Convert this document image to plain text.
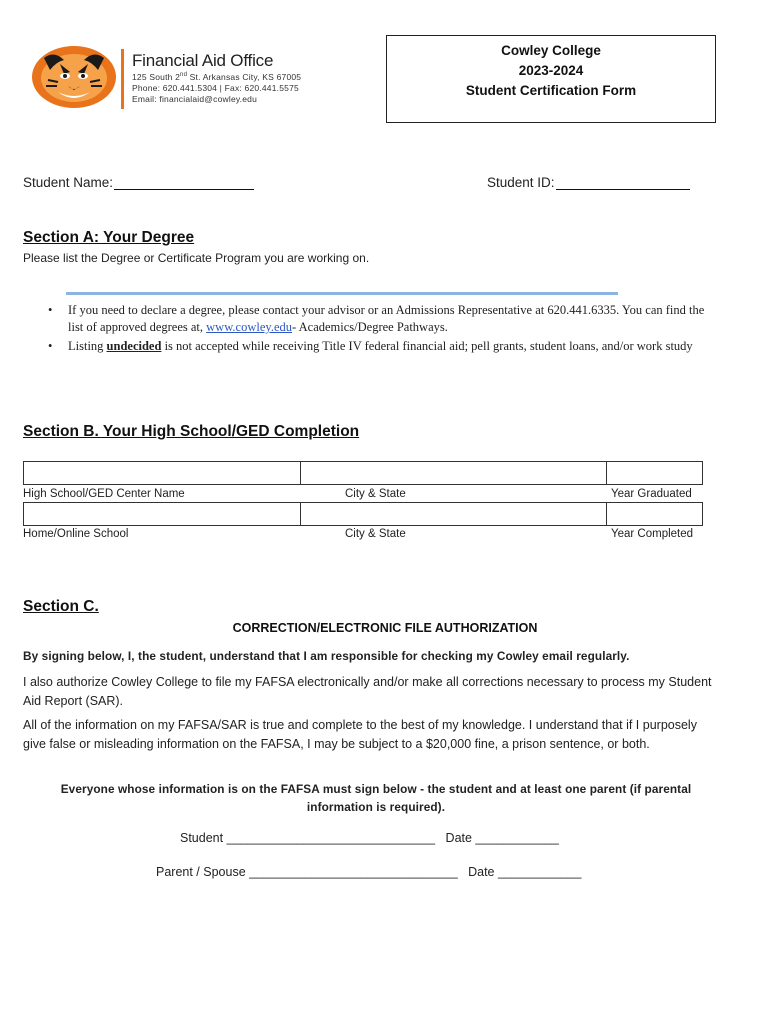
Financial Aid Office
125 South 2nd St. Arkansas City, KS 67005
Phone: 620.441.5304 | Fax: 620.441.5575
Email: financialaid@cowley.edu
Cowley College
2023-2024
Student Certification Form
Student Name:	Student ID:
Section A: Your Degree
Please list the Degree or Certificate Program you are working on.
• If you need to declare a degree, please contact your advisor or an Admissions Representative at 620.441.6335. You can find the list of approved degrees at, www.cowley.edu- Academics/Degree Pathways.
• Listing undecided is not accepted while receiving Title IV federal financial aid; pell grants, student loans, and/or work study
Section B. Your High School/GED Completion
High School/GED Center Name	City & State	Year Graduated
Home/Online School	City & State	Year Completed
Section C.
CORRECTION/ELECTRONIC FILE AUTHORIZATION
By signing below, I, the student, understand that I am responsible for checking my Cowley email regularly.
I also authorize Cowley College to file my FAFSA electronically and/or make all corrections necessary to process my Student Aid Report (SAR).
All of the information on my FAFSA/SAR is true and complete to the best of my knowledge. I understand that if I purposely give false or misleading information on the FAFSA, I may be subject to a $20,000 fine, a prison sentence, or both.
Everyone whose information is on the FAFSA must sign below - the student and at least one parent (if parental information is required).
Student ______________________________   Date ____________
Parent / Spouse ______________________________   Date ____________
